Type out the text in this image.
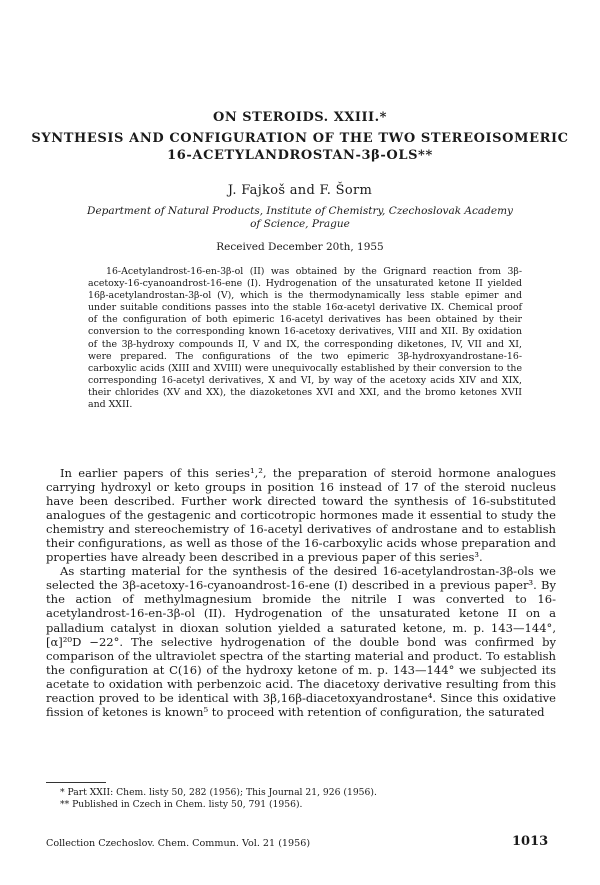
ON STEROIDS. XXIII.*
SYNTHESIS AND CONFIGURATION OF THE TWO STEREOISOMERIC
16-ACETYLANDROSTAN-3β-OLS**
J. Fajkoš and F. Šorm
Department of Natural Products, Institute of Chemistry, Czechoslovak Academy
of Science, Prague
Received December 20th, 1955

16-Acetylandrost-16-en-3β-ol (II) was obtained by the Grignard reaction from 3β-acetoxy-16-cyanoandrost-16-ene (I). Hydrogenation of the unsaturated ketone II yielded 16β-acetylandrostan-3β-ol (V), which is the thermodynamically less stable epimer and under suitable conditions passes into the stable 16α-acetyl derivative IX. Chemical proof of the configuration of both epimeric 16-acetyl derivatives has been obtained by their conversion to the corresponding known 16-acetoxy derivatives, VIII and XII. By oxidation of the 3β-hydroxy compounds II, V and IX, the corresponding diketones, IV, VII and XI, were prepared. The configurations of the two epimeric 3β-hydroxyandrostane-16-carboxylic acids (XIII and XVIII) were unequivocally established by their conversion to the corresponding 16-acetyl derivatives, X and VI, by way of the acetoxy acids XIV and XIX, their chlorides (XV and XX), the diazoketones XVI and XXI, and the bromo ketones XVII and XXII.

In earlier papers of this series¹,², the preparation of steroid hormone analogues carrying hydroxyl or keto groups in position 16 instead of 17 of the steroid nucleus have been described. Further work directed toward the synthesis of 16-substituted analogues of the gestagenic and corticotropic hormones made it essential to study the chemistry and stereochemistry of 16-acetyl derivatives of androstane and to establish their configurations, as well as those of the 16-carboxylic acids whose preparation and properties have already been described in a previous paper of this series³.

As starting material for the synthesis of the desired 16-acetylandrostan-3β-ols we selected the 3β-acetoxy-16-cyanoandrost-16-ene (I) described in a previous paper³. By the action of methylmagnesium bromide the nitrile I was converted to 16-acetylandrost-16-en-3β-ol (II). Hydrogenation of the unsaturated ketone II on a palladium catalyst in dioxan solution yielded a saturated ketone, m. p. 143—144°, [α]²⁰D −22°. The selective hydrogenation of the double bond was confirmed by comparison of the ultraviolet spectra of the starting material and product. To establish the configuration at C(16) of the hydroxy ketone of m. p. 143—144° we subjected its acetate to oxidation with perbenzoic acid. The diacetoxy derivative resulting from this reaction proved to be identical with 3β,16β-diacetoxyandrostane⁴. Since this oxidative fission of ketones is known⁵ to proceed with retention of configuration, the saturated

* Part XXII: Chem. listy 50, 282 (1956); This Journal 21, 926 (1956).
** Published in Czech in Chem. listy 50, 791 (1956).
Collection Czechoslov. Chem. Commun. Vol. 21 (1956)	1013
